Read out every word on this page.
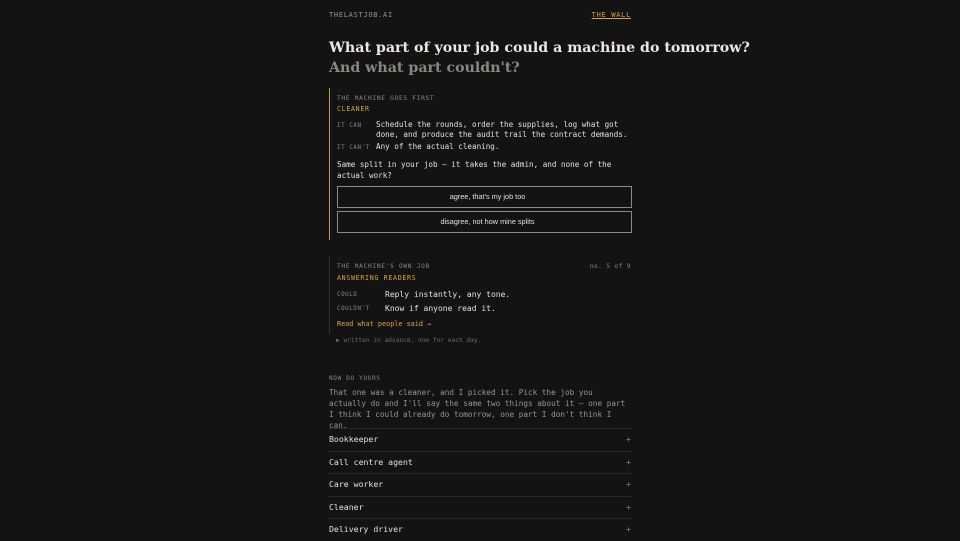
THELASTJOB.AI	THE WALL
What part of your job could a machine do tomorrow?
And what part couldn't?
THE MACHINE GOES FIRST
CLEANER
IT CAN Schedule the rounds, order the supplies, log what got done, and produce the audit trail the contract demands.
IT CAN'T Any of the actual cleaning.
Same split in your job — it takes the admin, and none of the actual work?
agree, that's my job too
disagree, not how mine splits
THE MACHINE'S OWN JOB	no. 5 of 9
ANSWERING READERS
COULD	Reply instantly, any tone.
COULDN'T Know if anyone read it.
Read what people said →
▶ written in advance, one for each day.
NOW DO YOURS

That one was a cleaner, and I picked it. Pick the job you actually do and I'll say the same two things about it — one part I think I could already do tomorrow, one part I don't think I can.

Bookkeeper	+
Call centre agent	+
Care worker	+
Cleaner	+
Delivery driver	+
